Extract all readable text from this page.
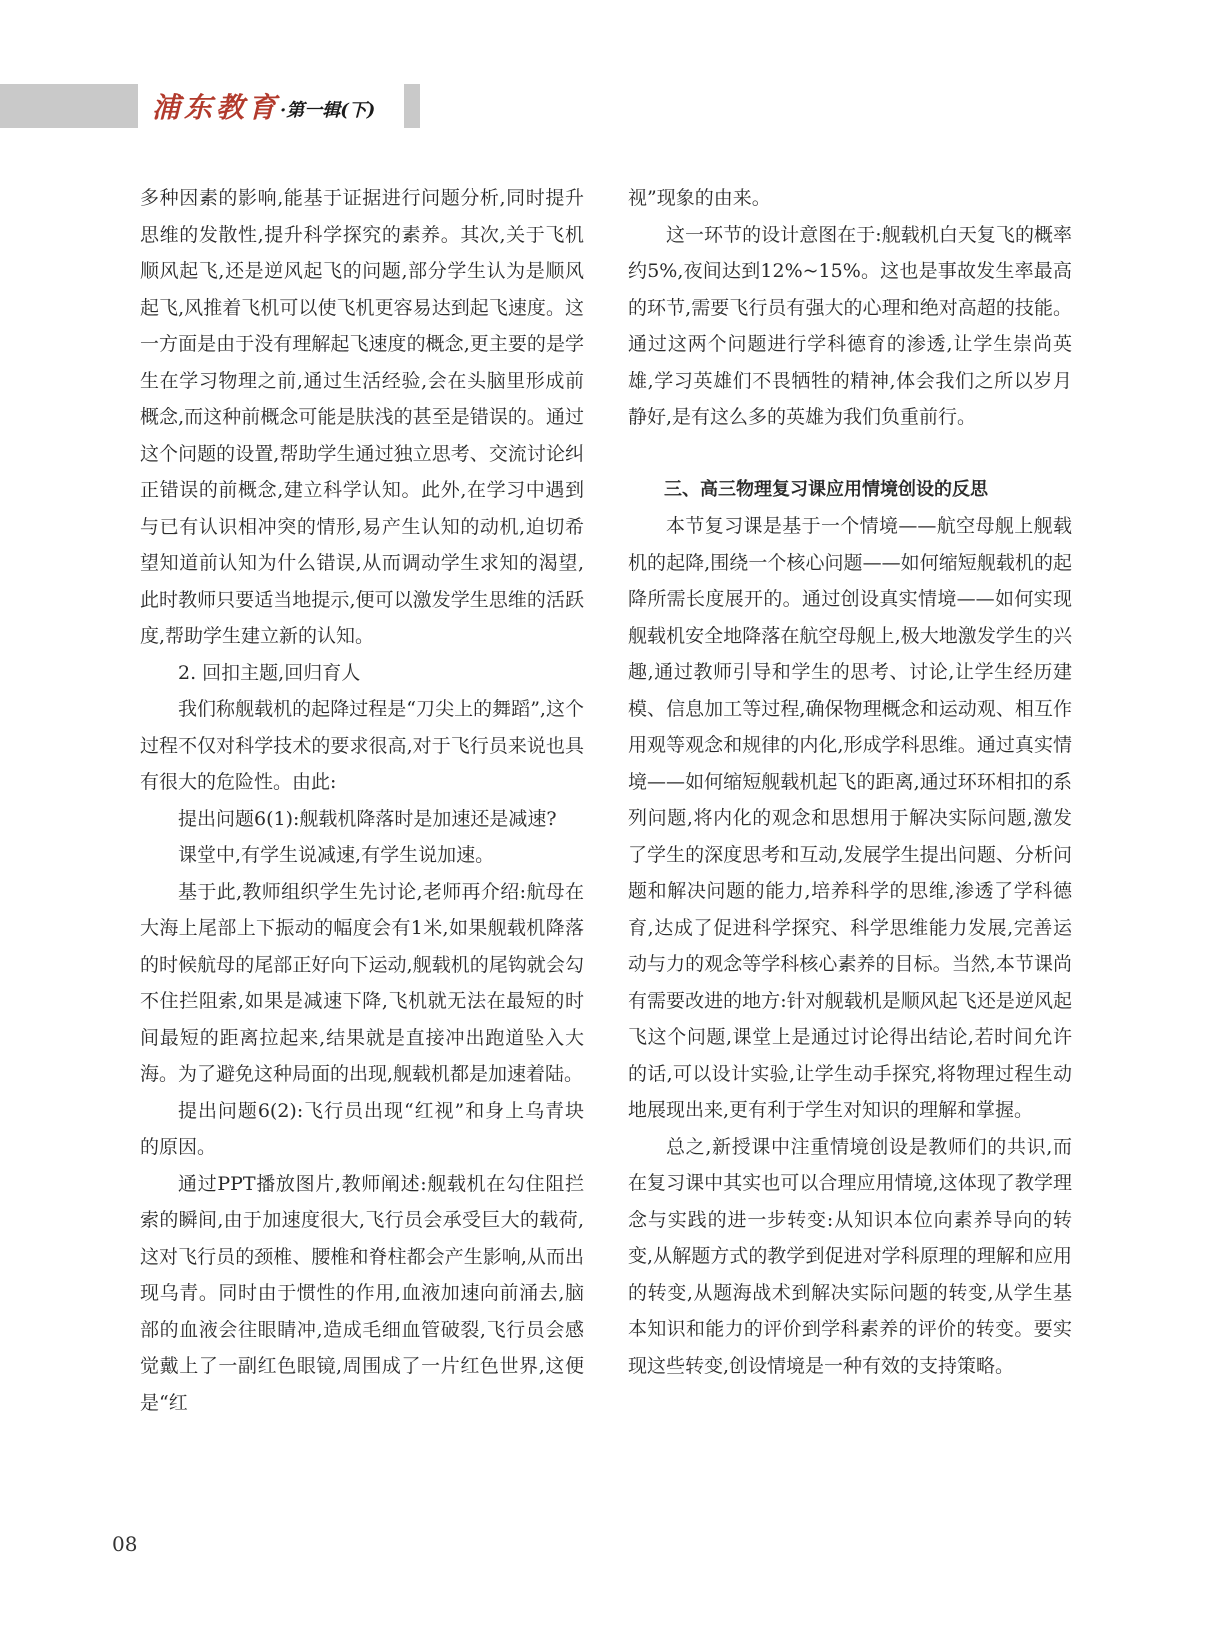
浦东教育 ·第一辑(下)

多种因素的影响,能基于证据进行问题分析,同时提升思维的发散性,提升科学探究的素养。其次,关于飞机顺风起飞,还是逆风起飞的问题,部分学生认为是顺风起飞,风推着飞机可以使飞机更容易达到起飞速度。这一方面是由于没有理解起飞速度的概念,更主要的是学生在学习物理之前,通过生活经验,会在头脑里形成前概念,而这种前概念可能是肤浅的甚至是错误的。通过这个问题的设置,帮助学生通过独立思考、交流讨论纠正错误的前概念,建立科学认知。此外,在学习中遇到与已有认识相冲突的情形,易产生认知的动机,迫切希望知道前认知为什么错误,从而调动学生求知的渴望,此时教师只要适当地提示,便可以激发学生思维的活跃度,帮助学生建立新的认知。

2. 回扣主题,回归育人

我们称舰载机的起降过程是“刀尖上的舞蹈”,这个过程不仅对科学技术的要求很高,对于飞行员来说也具有很大的危险性。由此:

提出问题6(1):舰载机降落时是加速还是减速?

课堂中,有学生说减速,有学生说加速。

基于此,教师组织学生先讨论,老师再介绍:航母在大海上尾部上下振动的幅度会有1米,如果舰载机降落的时候航母的尾部正好向下运动,舰载机的尾钩就会勾不住拦阻索,如果是减速下降,飞机就无法在最短的时间最短的距离拉起来,结果就是直接冲出跑道坠入大海。为了避免这种局面的出现,舰载机都是加速着陆。

提出问题6(2):飞行员出现“红视”和身上乌青块的原因。

通过PPT播放图片,教师阐述:舰载机在勾住阻拦索的瞬间,由于加速度很大,飞行员会承受巨大的载荷,这对飞行员的颈椎、腰椎和脊柱都会产生影响,从而出现乌青。同时由于惯性的作用,血液加速向前涌去,脑部的血液会往眼睛冲,造成毛细血管破裂,飞行员会感觉戴上了一副红色眼镜,周围成了一片红色世界,这便是“红

视”现象的由来。

这一环节的设计意图在于:舰载机白天复飞的概率约5%,夜间达到12%~15%。这也是事故发生率最高的环节,需要飞行员有强大的心理和绝对高超的技能。通过这两个问题进行学科德育的渗透,让学生崇尚英雄,学习英雄们不畏牺牲的精神,体会我们之所以岁月静好,是有这么多的英雄为我们负重前行。

三、高三物理复习课应用情境创设的反思

本节复习课是基于一个情境——航空母舰上舰载机的起降,围绕一个核心问题——如何缩短舰载机的起降所需长度展开的。通过创设真实情境——如何实现舰载机安全地降落在航空母舰上,极大地激发学生的兴趣,通过教师引导和学生的思考、讨论,让学生经历建模、信息加工等过程,确保物理概念和运动观、相互作用观等观念和规律的内化,形成学科思维。通过真实情境——如何缩短舰载机起飞的距离,通过环环相扣的系列问题,将内化的观念和思想用于解决实际问题,激发了学生的深度思考和互动,发展学生提出问题、分析问题和解决问题的能力,培养科学的思维,渗透了学科德育,达成了促进科学探究、科学思维能力发展,完善运动与力的观念等学科核心素养的目标。当然,本节课尚有需要改进的地方:针对舰载机是顺风起飞还是逆风起飞这个问题,课堂上是通过讨论得出结论,若时间允许的话,可以设计实验,让学生动手探究,将物理过程生动地展现出来,更有利于学生对知识的理解和掌握。

总之,新授课中注重情境创设是教师们的共识,而在复习课中其实也可以合理应用情境,这体现了教学理念与实践的进一步转变:从知识本位向素养导向的转变,从解题方式的教学到促进对学科原理的理解和应用的转变,从题海战术到解决实际问题的转变,从学生基本知识和能力的评价到学科素养的评价的转变。要实现这些转变,创设情境是一种有效的支持策略。

08
